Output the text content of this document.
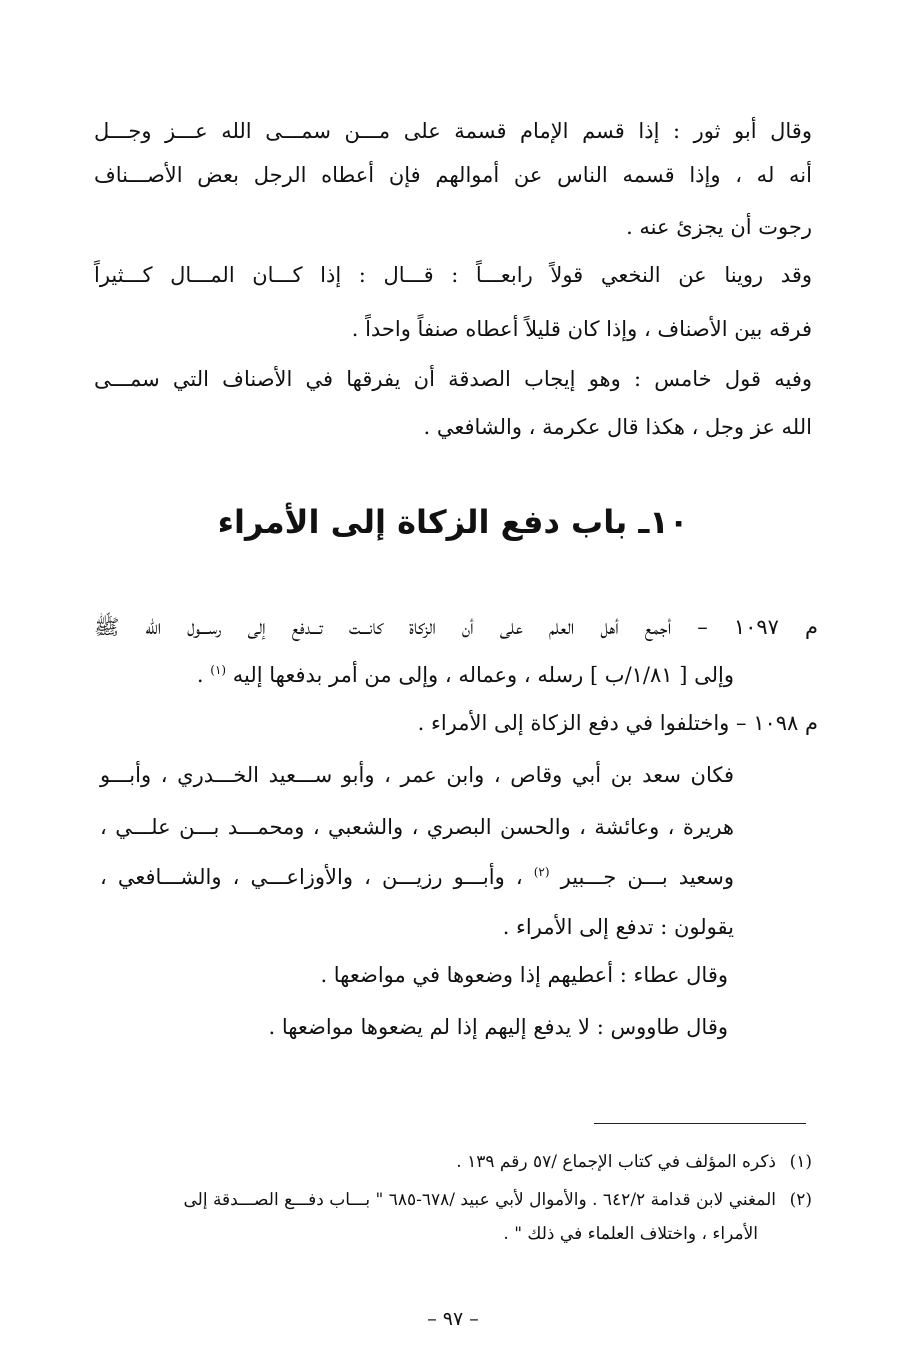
وقال أبو ثور : إذا قسم الإمام قسمة على مـــن سمـــى الله عـــز وجـــل
أنه له ، وإذا قسمه الناس عن أموالهم فإن أعطاه الرجل بعض الأصـــناف
رجوت أن يجزئ عنه .
وقد روينا عن النخعي قولاً رابعـــاً : قـــال : إذا كـــان المـــال كـــثيراً
فرقه بين الأصناف ، وإذا كان قليلاً أعطاه صنفاً واحداً .
وفيه قول خامس : وهو إيجاب الصدقة أن يفرقها في الأصناف التي سمـــى
الله عز وجل ، هكذا قال عكرمة ، والشافعي .
١٠ـ باب دفع الزكاة إلى الأمراء
م ١٠٩٧ – أجمع أهل العلم على أن الزكاة كانـــت تـــدفع إلى رســـول الله ﷺ
وإلى [ ١/٨١/ب ] رسله ، وعماله ، وإلى من أمر بدفعها إليه $^{(١)}$ .
م ١٠٩٨ – واختلفوا في دفع الزكاة إلى الأمراء .
فكان سعد بن أبي وقاص ، وابن عمر ، وأبو ســـعيد الخـــدري ، وأبـــو
هريرة ، وعائشة ، والحسن البصري ، والشعبي ، ومحمـــد بـــن علـــي ،
وسعيد بـــن جـــبير $^{(٢)}$ ، وأبـــو رزيـــن ، والأوزاعـــي ، والشـــافعي ،
يقولون : تدفع إلى الأمراء .
وقال عطاء : أعطيهم إذا وضعوها في مواضعها .
وقال طاووس : لا يدفع إليهم إذا لم يضعوها مواضعها .
(١)ذكره المؤلف في كتاب الإجماع /٥٧ رقم ١٣٩ .
(٢)المغني لابن قدامة ٦٤٢/٢ . والأموال لأبي عبيد /٦٧٨-٦٨٥ " بـــاب دفـــع الصـــدقة إلى
الأمراء ، واختلاف العلماء في ذلك " .
– ٩٧ –
